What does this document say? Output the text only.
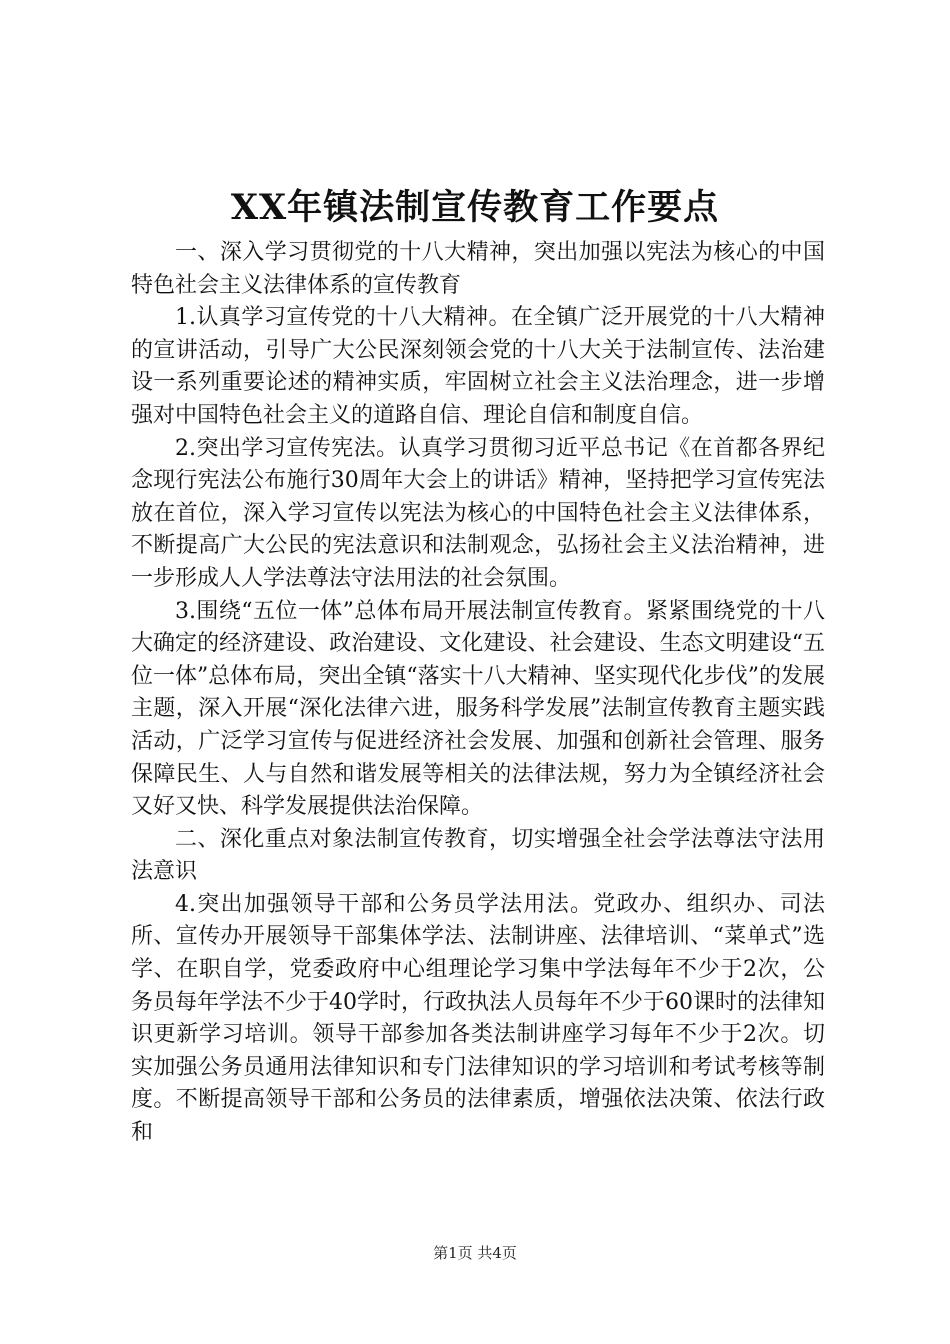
XX年镇法制宣传教育工作要点

一、深入学习贯彻党的十八大精神，突出加强以宪法为核心的中国特色社会主义法律体系的宣传教育

1.认真学习宣传党的十八大精神。在全镇广泛开展党的十八大精神的宣讲活动，引导广大公民深刻领会党的十八大关于法制宣传、法治建设一系列重要论述的精神实质，牢固树立社会主义法治理念，进一步增强对中国特色社会主义的道路自信、理论自信和制度自信。

2.突出学习宣传宪法。认真学习贯彻习近平总书记《在首都各界纪念现行宪法公布施行30周年大会上的讲话》精神，坚持把学习宣传宪法放在首位，深入学习宣传以宪法为核心的中国特色社会主义法律体系，不断提高广大公民的宪法意识和法制观念，弘扬社会主义法治精神，进一步形成人人学法尊法守法用法的社会氛围。

3.围绕“五位一体”总体布局开展法制宣传教育。紧紧围绕党的十八大确定的经济建设、政治建设、文化建设、社会建设、生态文明建设“五位一体”总体布局，突出全镇“落实十八大精神、坚实现代化步伐”的发展主题，深入开展“深化法律六进，服务科学发展”法制宣传教育主题实践活动，广泛学习宣传与促进经济社会发展、加强和创新社会管理、服务保障民生、人与自然和谐发展等相关的法律法规，努力为全镇经济社会又好又快、科学发展提供法治保障。

二、深化重点对象法制宣传教育，切实增强全社会学法尊法守法用法意识

4.突出加强领导干部和公务员学法用法。党政办、组织办、司法所、宣传办开展领导干部集体学法、法制讲座、法律培训、“菜单式”选学、在职自学，党委政府中心组理论学习集中学法每年不少于2次，公务员每年学法不少于40学时，行政执法人员每年不少于60课时的法律知识更新学习培训。领导干部参加各类法制讲座学习每年不少于2次。切实加强公务员通用法律知识和专门法律知识的学习培训和考试考核等制度。不断提高领导干部和公务员的法律素质，增强依法决策、依法行政和

第1页 共4页
